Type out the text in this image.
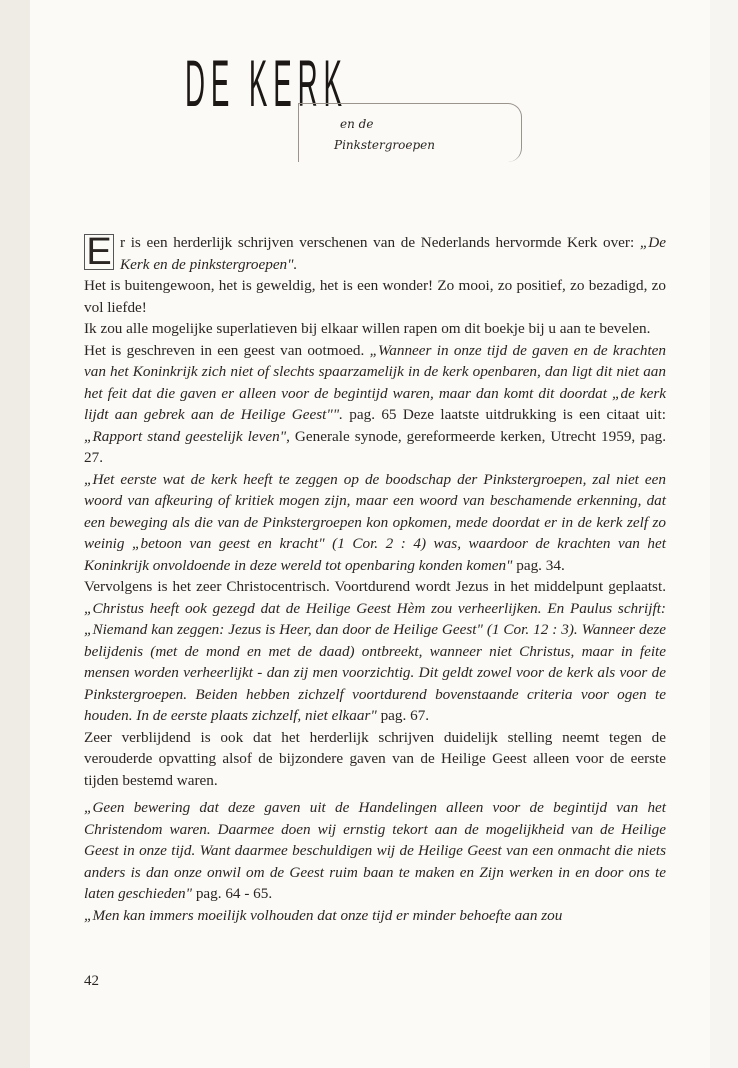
DE KERK
en de
Pinkstergroepen

E r is een herderlijk schrijven verschenen van de Nederlands hervormde Kerk over: „De Kerk en de pinkstergroepen".

Het is buitengewoon, het is geweldig, het is een wonder! Zo mooi, zo positief, zo bezadigd, zo vol liefde!

Ik zou alle mogelijke superlatieven bij elkaar willen rapen om dit boekje bij u aan te bevelen.

Het is geschreven in een geest van ootmoed. „Wanneer in onze tijd de gaven en de krachten van het Koninkrijk zich niet of slechts spaarzamelijk in de kerk openbaren, dan ligt dit niet aan het feit dat die gaven er alleen voor de begintijd waren, maar dan komt dit doordat „de kerk lijdt aan gebrek aan de Heilige Geest"". pag. 65 Deze laatste uitdrukking is een citaat uit: „Rapport stand geestelijk leven", Generale synode, gereformeerde kerken, Utrecht 1959, pag. 27.

„Het eerste wat de kerk heeft te zeggen op de boodschap der Pinkstergroepen, zal niet een woord van afkeuring of kritiek mogen zijn, maar een woord van beschamende erkenning, dat een beweging als die van de Pinkstergroepen kon opkomen, mede doordat er in de kerk zelf zo weinig „betoon van geest en kracht" (1 Cor. 2 : 4) was, waardoor de krachten van het Koninkrijk onvoldoende in deze wereld tot openbaring konden komen" pag. 34.

Vervolgens is het zeer Christocentrisch. Voortdurend wordt Jezus in het middelpunt geplaatst. „Christus heeft ook gezegd dat de Heilige Geest Hèm zou verheerlijken. En Paulus schrijft: „Niemand kan zeggen: Jezus is Heer, dan door de Heilige Geest" (1 Cor. 12 : 3). Wanneer deze belijdenis (met de mond en met de daad) ontbreekt, wanneer niet Christus, maar in feite mensen worden verheerlijkt - dan zij men voorzichtig. Dit geldt zowel voor de kerk als voor de Pinkstergroepen. Beiden hebben zichzelf voortdurend bovenstaande criteria voor ogen te houden. In de eerste plaats zichzelf, niet elkaar" pag. 67.

Zeer verblijdend is ook dat het herderlijk schrijven duidelijk stelling neemt tegen de verouderde opvatting alsof de bijzondere gaven van de Heilige Geest alleen voor de eerste tijden bestemd waren.

„Geen bewering dat deze gaven uit de Handelingen alleen voor de begintijd van het Christendom waren. Daarmee doen wij ernstig tekort aan de mogelijkheid van de Heilige Geest in onze tijd. Want daarmee beschuldigen wij de Heilige Geest van een onmacht die niets anders is dan onze onwil om de Geest ruim baan te maken en Zijn werken in en door ons te laten geschieden" pag. 64 - 65.

„Men kan immers moeilijk volhouden dat onze tijd er minder behoefte aan zou

42
